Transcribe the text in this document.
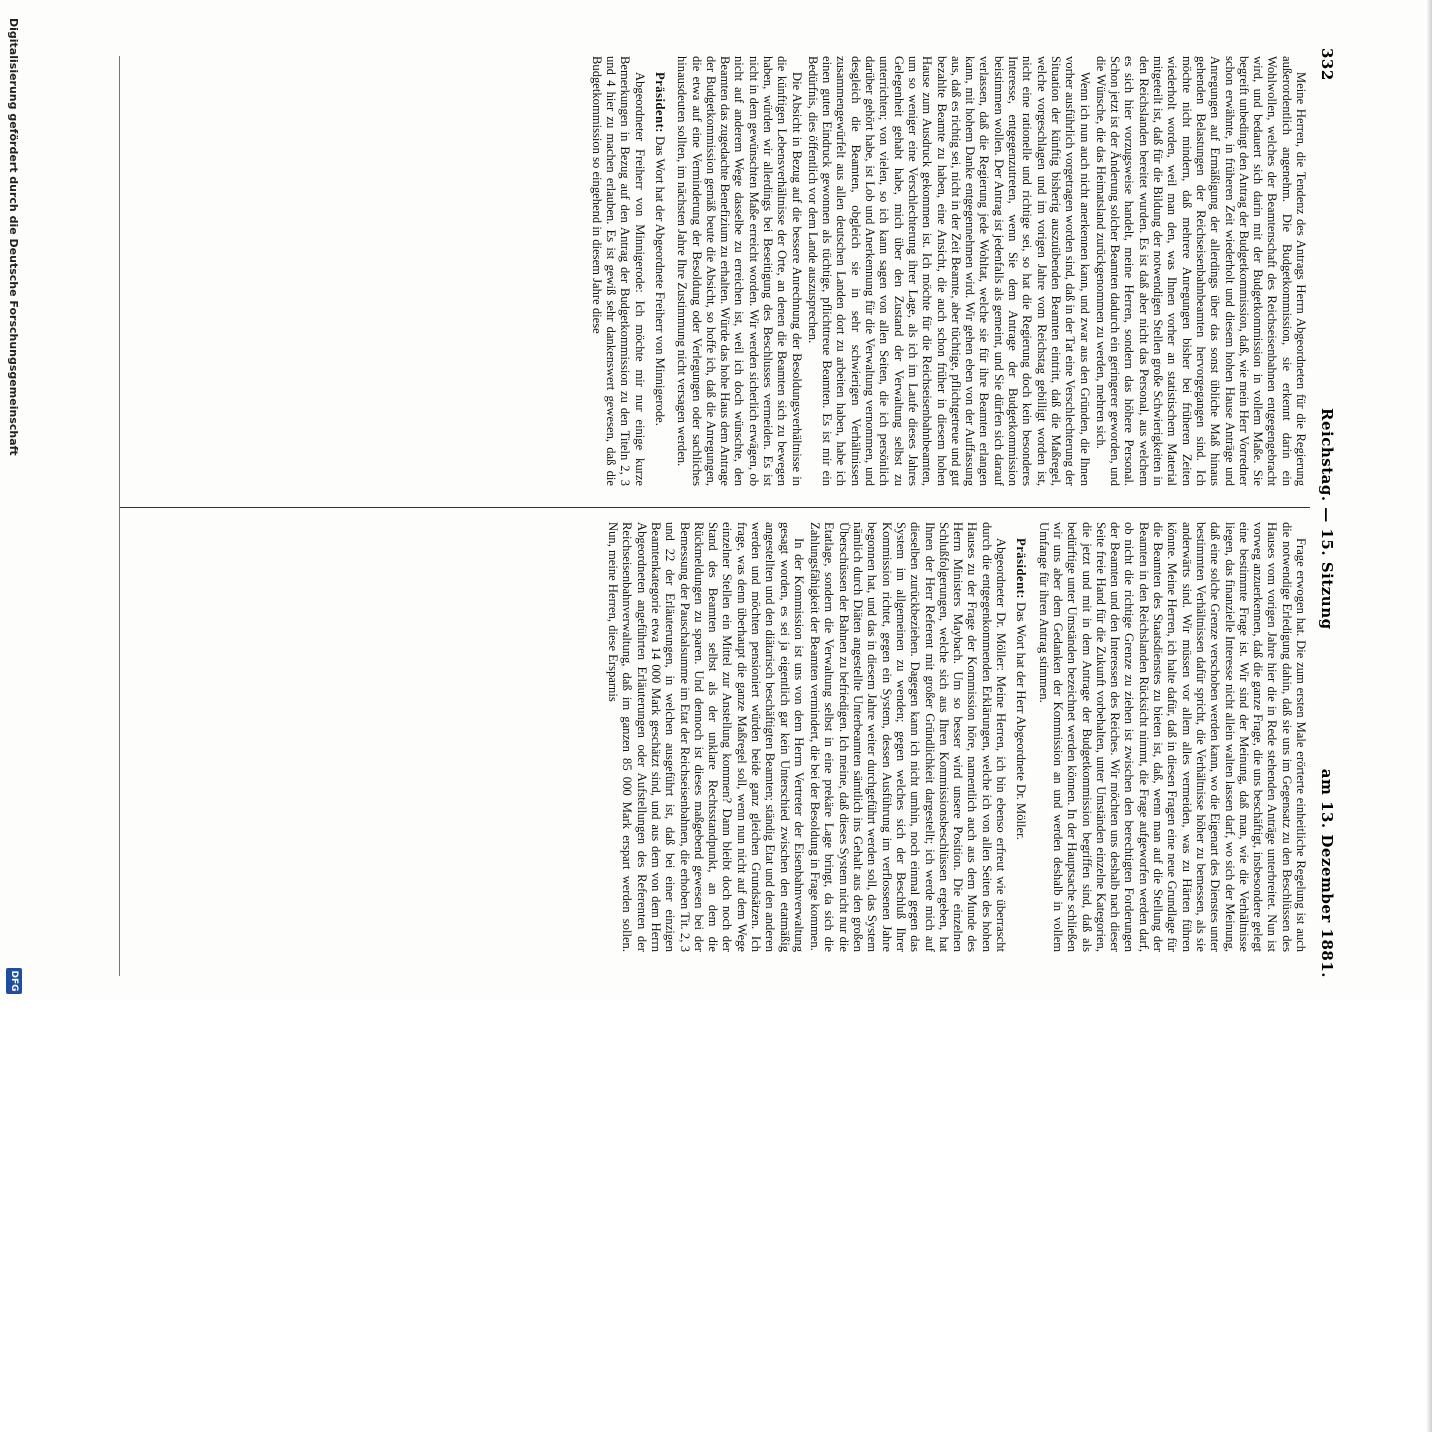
332
Reichstag. — 15. Sitzung
am 13. Dezember 1881.

Meine Herren, die Tendenz des Antrags Herrn Abgeordneten für die Regierung außerordentlich angenehm. Die Budgetkommission, sie erkennt darin ein Wohlwollen, welches der Beamtenschaft des Reichseisenbahnen entgegengebracht wird, und bedauert sich darin mit der Budgetkommission in vollem Maße. Sie begreift unbedingt den Antrag der Budgetkommission, daß, wie mein Herr Vorredner schon erwähnte, in früheren Zeit wiederholt und diesem hohen Hause Anträge und Anregungen auf Ermäßigung der allerdings über das sonst übliche Maß hinaus gehenden Belastungen der Reichseisenbahnbeamten hervorgegangen sind. Ich möchte nicht mindern, daß mehrere Anregungen bisher bei früheren Zeiten wiederholt worden, weil man den, was Ihnen vorher an statistischem Material mitgeteilt ist, daß für die Bildung der notwendigen Stellen große Schwierigkeiten in den Reichslanden bereitet wurden. Es ist daß aber nicht das Personal, aus welchem es sich hier vorzugsweise handelt, meine Herren, sondern das höhere Personal. Schon jetzt ist der Änderung solcher Beamten dadurch ein geringerer geworden, und die Wünsche, die das Heimatsland zurückgenommen zu werden, mehren sich.

Wenn ich nun auch nicht anerkennen kann, und zwar aus den Gründen, die Ihnen vorher ausführlich vorgetragen worden sind, daß in der Tat eine Verschlechterung der Situation der künftig bisherig auszuübenden Beamten eintritt, daß die Maßregel, welche vorgeschlagen und im vorigen Jahre vom Reichstag gebilligt worden ist, nicht eine rationelle und richtige sei, so hat die Regierung doch kein besonderes Interesse, entgegenzutreten, wenn Sie dem Antrage der Budgetkommission beistimmen wollen. Der Antrag ist jedenfalls als gemeint, und Sie dürfen sich darauf verlassen, daß die Regierung jede Wohltat, welche sie für ihre Beamten erlangen kann, mit hohem Danke entgegennehmen wird. Wir gehen eben von der Auffassung aus, daß es richtig sei, nicht in der Zeit Beamte, aber tüchtige, pflichtgetreue und gut bezahlte Beamte zu haben, eine Ansicht, die auch schon früher in diesem hohen Hause zum Ausdruck gekommen ist. Ich möchte für die Reichseisenbahnbeamten, um so weniger eine Verschlechterung ihrer Lage, als ich im Laufe dieses Jahres Gelegenheit gehabt habe, mich über den Zustand der Verwaltung selbst zu unterrichten; von vielen, so ich kann sagen von allen Seiten, die ich persönlich darüber gehört habe, ist Lob und Anerkennung für die Verwaltung vernommen, und desgleich die Beamten, obgleich sie in sehr schwierigen Verhältnissen zusammengewürfelt aus allen deutschen Landen dort zu arbeiten haben, habe ich einen guten Eindruck gewonnen als tüchtige, pflichttreue Beamten. Es ist mir ein Bedürfnis, dies öffentlich vor dem Lande auszusprechen.

Die Absicht in Bezug auf die bessere Anrechnung der Besoldungsverhältnisse in die künftigen Lebensverhältnisse der Orte, an denen die Beamten sich zu bewegen haben, würden wir allerdings bei Beseitigung des Beschlusses vermeiden. Es ist nicht in dem gewünschten Maße erreicht worden. Wir werden sicherlich erwägen, ob nicht auf anderem Wege dasselbe zu erreichen ist, weil ich doch wünschte, den Beamten das zugedachte Benefizium zu erhalten. Würde das hohe Haus dem Antrage der Budgetkommission gemäß beute die Absicht, so hoffe ich, daß die Anregungen, die etwa auf eine Verminderung der Besoldung oder Verlegungen oder sachliches hinausdeuten sollten, im nächsten Jahre Ihre Zustimmung nicht versagen werden.

Präsident: Das Wort hat der Abgeordnete Freiherr von Minnigerode.

Abgeordneter Freiherr von Minnigerode: Ich möchte mir nur einige kurze Bemerkungen in Bezug auf den Antrag der Budgetkommission zu den Titeln 2, 3 und 4 hier zu machen erlauben. Es ist gewiß sehr dankenswert gewesen, daß die Budgetkommission so eingehend in diesem Jahre diese

Frage erwogen hat. Die zum ersten Male erörterte einheitliche Regelung ist auch die notwendige Erledigung dahin, daß sie uns im Gegensatz zu den Beschlüssen des Hauses vom vorigen Jahre hier die in Rede stehenden Anträge unterbreitet. Nun ist vorweg anzuerkennen, daß die ganze Frage, die uns beschäftigt, insbesondere gelegt eine bestimmte Frage ist. Wir sind der Meinung, daß man, wie die Verhältnisse liegen, das finanzielle Interesse nicht allein walten lassen darf, wo sich der Meinung, daß eine solche Grenze verschoben werden kann, wo die Eigenart des Dienstes unter bestimmten Verhältnissen dafür spricht, die Verhältnisse höher zu bemessen, als sie anderwärts sind. Wir müssen vor allem alles vermeiden, was zu Härten führen könnte. Meine Herren, ich halte dafür, daß in diesen Fragen eine neue Grundlage für die Beamten des Staatsdienstes zu bieten ist, daß, wenn man auf die Stellung der Beamten in den Reichslanden Rücksicht nimmt, die Frage aufgeworfen werden darf, ob nicht die richtige Grenze zu ziehen ist zwischen den berechtigten Forderungen der Beamten und den Interessen des Reiches. Wir möchten uns deshalb nach dieser Seite freie Hand für die Zukunft vorbehalten, unter Umständen einzelne Kategorien, die jetzt und mit in dem Antrage der Budgetkommission begriffen sind, daß als bedürftige unter Umständen bezeichnet werden können. In der Hauptsache schließen wir uns aber dem Gedanken der Kommission an und werden deshalb in vollem Umfange für ihren Antrag stimmen.

Präsident: Das Wort hat der Herr Abgeordnete Dr. Möller.

Abgeordneter Dr. Möller: Meine Herren, ich bin ebenso erfreut wie überrascht durch die entgegenkommenden Erklärungen, welche ich von allen Seiten des hohen Hauses zu der Frage der Kommission höre, namentlich auch aus dem Munde des Herrn Ministers Maybach. Um so besser wird unsere Position. Die einzelnen Schlußfolgerungen, welche sich aus Ihren Kommissionsbeschlüssen ergeben, hat Ihnen der Herr Referent mit großer Gründlichkeit dargestellt; ich werde mich auf dieselben zurückbeziehen. Dagegen kann ich nicht umhin, noch einmal gegen das System im allgemeinen zu wenden; gegen welches sich der Beschluß Ihrer Kommission richtet, gegen ein System, dessen Ausführung im verflossenen Jahre begonnen hat, und das in diesem Jahre weiter durchgeführt werden soll, das System nämlich durch Diäten angestellte Unterbeamten sämtlich ins Gehalt aus den großen Überschüssen der Bahnen zu befriedigen. Ich meine, daß dieses System nicht nur die Etatlage, sondern die Verwaltung selbst in eine prekäre Lage bringt, da sich die Zahlungsfähigkeit der Beamten vermindert, die bei der Besoldung in Frage kommen.

In der Kommission ist uns von dem Herrn Vertreter der Eisenbahnverwaltung gesagt worden, es sei ja eigentlich gar kein Unterschied zwischen den etatmäßig angestellten und den diätarisch beschäftigten Beamten; ständig Etat und den anderen werden und möchten pensioniert würden beide ganz gleichen Grundsätzen. Ich frage, was denn überhaupt die ganze Maßregel soll, wenn nun nicht auf dem Wege einzelner Stellen ein Mittel zur Anstellung kommen? Dann bleibt doch noch der Stand des Beamten selbst als der unklare Rechtsstandpunkt, an dem die Rückmeldungen zu sparen. Und dennoch ist dieses maßgebend gewesen bei der Bemessung der Pauschalsumme im Etat der Reichseisenbahnen, die erhoben Tit. 2, 3 und 22 der Erläuterungen, in welchen ausgeführt ist, daß bei einer einzigen Beamtenkategorie etwa 14 000 Mark geschätzt sind, und aus dem von dem Herrn Abgeordneten angeführten Erläuterungen oder Aufstellungen des Referenten der Reichseisenbahnverwaltung, daß im ganzen 85 000 Mark erspart werden sollen. Nun, meine Herren, diese Ersparnis

Digitalisierung gefördert durch die Deutsche Forschungsgemeinschaft
DFG
